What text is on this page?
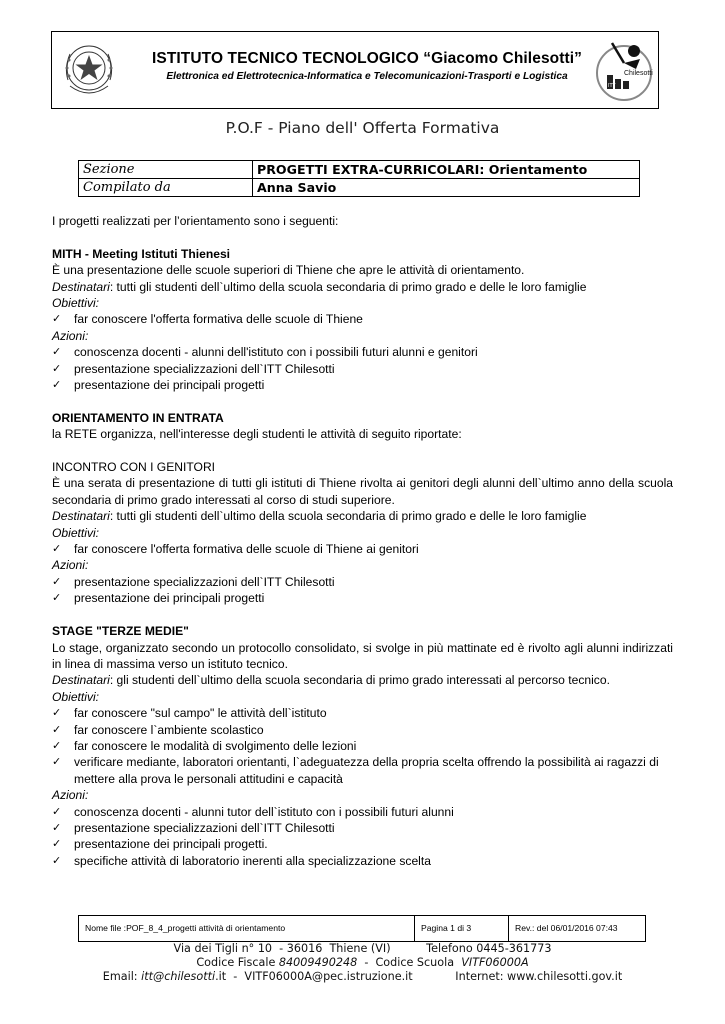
ISTITUTO TECNICO TECNOLOGICO “Giacomo Chilesotti”
Elettronica ed Elettrotecnica-Informatica e Telecomunicazioni-Trasporti e Logistica
ITT
Chilesotti
P.O.F - Piano dell' Offerta Formativa
Sezione	PROGETTI EXTRA-CURRICOLARI: Orientamento
Compilato da	Anna Savio

I progetti realizzati per l’orientamento sono i seguenti:

MITH - Meeting Istituti Thienesi

È una presentazione delle scuole superiori di Thiene che apre le attività di orientamento.

Destinatari: tutti gli studenti dell`ultimo della scuola secondaria di primo grado e delle le loro famiglie

Obiettivi:

✓ far conoscere l'offerta formativa delle scuole di Thiene

Azioni:

✓ conoscenza docenti - alunni dell'istituto con i possibili futuri alunni e genitori
✓ presentazione specializzazioni dell`ITT Chilesotti
✓ presentazione dei principali progetti

ORIENTAMENTO IN ENTRATA

la RETE organizza, nell'interesse degli studenti le attività di seguito riportate:

INCONTRO CON I GENITORI

È una serata di presentazione di tutti gli istituti di Thiene rivolta ai genitori degli alunni dell`ultimo anno della scuola secondaria di primo grado interessati al corso di studi superiore.

Destinatari: tutti gli studenti dell`ultimo della scuola secondaria di primo grado e delle le loro famiglie

Obiettivi:

✓ far conoscere l'offerta formativa delle scuole di Thiene ai genitori

Azioni:

✓ presentazione specializzazioni dell`ITT Chilesotti
✓ presentazione dei principali progetti

STAGE "TERZE MEDIE"

Lo stage, organizzato secondo un protocollo consolidato, si svolge in più mattinate ed è rivolto agli alunni indirizzati in linea di massima verso un istituto tecnico.

Destinatari: gli studenti dell`ultimo della scuola secondaria di primo grado interessati al percorso tecnico.

Obiettivi:

✓ far conoscere "sul campo" le attività dell`istituto
✓ far conoscere l`ambiente scolastico
✓ far conoscere le modalità di svolgimento delle lezioni
✓ verificare mediante, laboratori orientanti, l`adeguatezza della propria scelta offrendo la possibilità ai ragazzi di mettere alla prova le personali attitudini e capacità

Azioni:

✓ conoscenza docenti - alunni tutor dell`istituto con i possibili futuri alunni
✓ presentazione specializzazioni dell`ITT Chilesotti
✓ presentazione dei principali progetti.
✓ specifiche attività di laboratorio inerenti alla specializzazione scelta
Nome file :POF_8_4_progetti attività di orientamento	Pagina 1 di 3	Rev.: del 06/01/2016 07:43
Via dei Tigli n° 10  - 36016  Thiene (VI)          Telefono 0445-361773
Codice Fiscale 84009490248  -  Codice Scuola  VITF06000A
Email: itt@chilesotti.it  -  VITF06000A@pec.istruzione.it            Internet: www.chilesotti.gov.it
